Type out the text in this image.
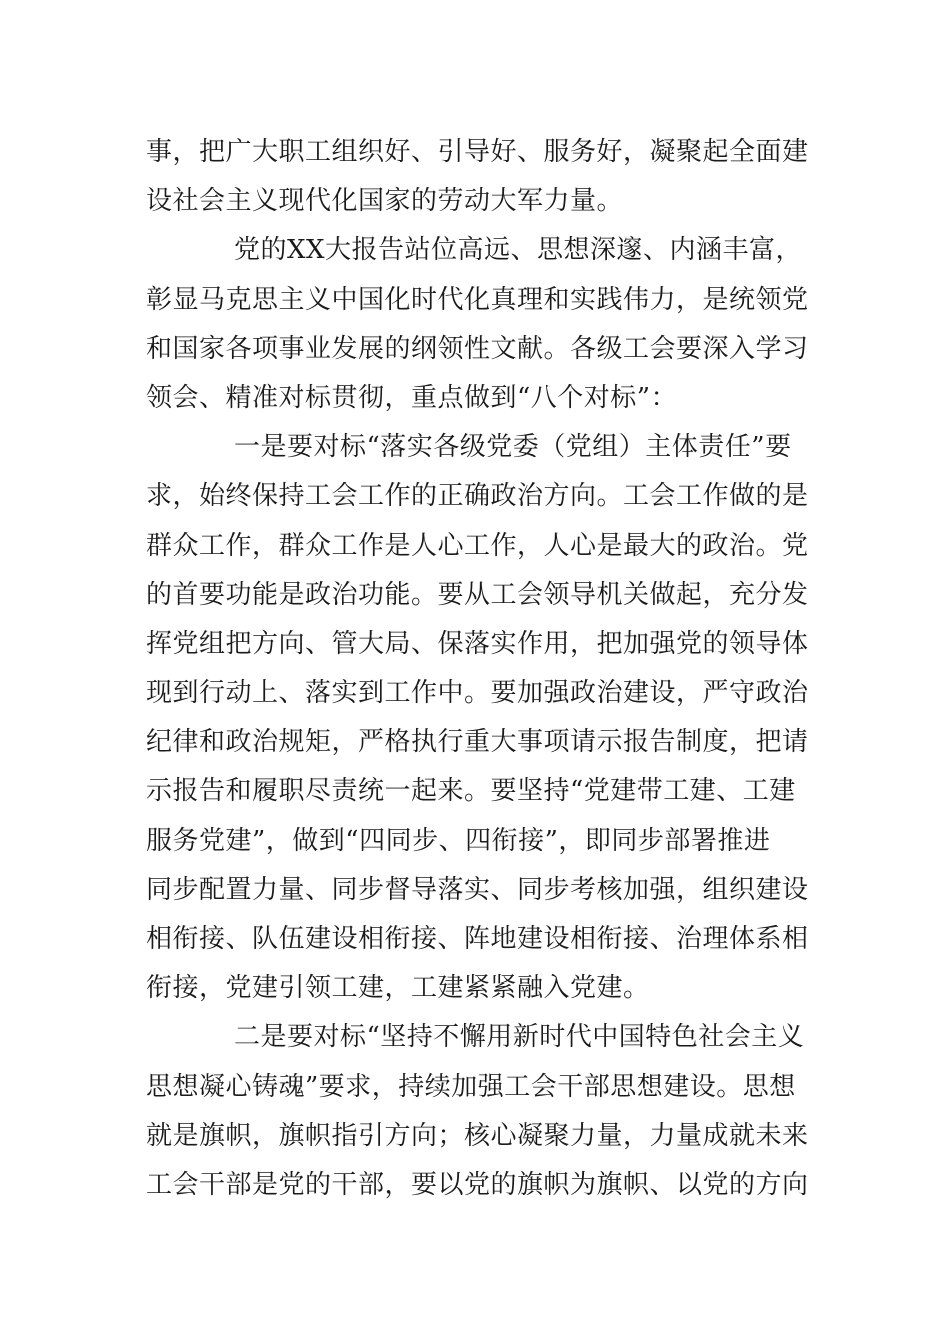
事，把广大职工组织好、引导好、服务好，凝聚起全面建
设社会主义现代化国家的劳动大军力量。
党的XX大报告站位高远、思想深邃、内涵丰富，
彰显马克思主义中国化时代化真理和实践伟力，是统领党
和国家各项事业发展的纲领性文献。各级工会要深入学习
领会、精准对标贯彻，重点做到“八个对标”：
一是要对标“落实各级党委（党组）主体责任”要
求，始终保持工会工作的正确政治方向。工会工作做的是
群众工作，群众工作是人心工作，人心是最大的政治。党
的首要功能是政治功能。要从工会领导机关做起，充分发
挥党组把方向、管大局、保落实作用，把加强党的领导体
现到行动上、落实到工作中。要加强政治建设，严守政治
纪律和政治规矩，严格执行重大事项请示报告制度，把请
示报告和履职尽责统一起来。要坚持“党建带工建、工建
服务党建”，做到“四同步、四衔接”，即同步部署推进
同步配置力量、同步督导落实、同步考核加强，组织建设
相衔接、队伍建设相衔接、阵地建设相衔接、治理体系相
衔接，党建引领工建，工建紧紧融入党建。
二是要对标“坚持不懈用新时代中国特色社会主义
思想凝心铸魂”要求，持续加强工会干部思想建设。思想
就是旗帜，旗帜指引方向；核心凝聚力量，力量成就未来
工会干部是党的干部，要以党的旗帜为旗帜、以党的方向
